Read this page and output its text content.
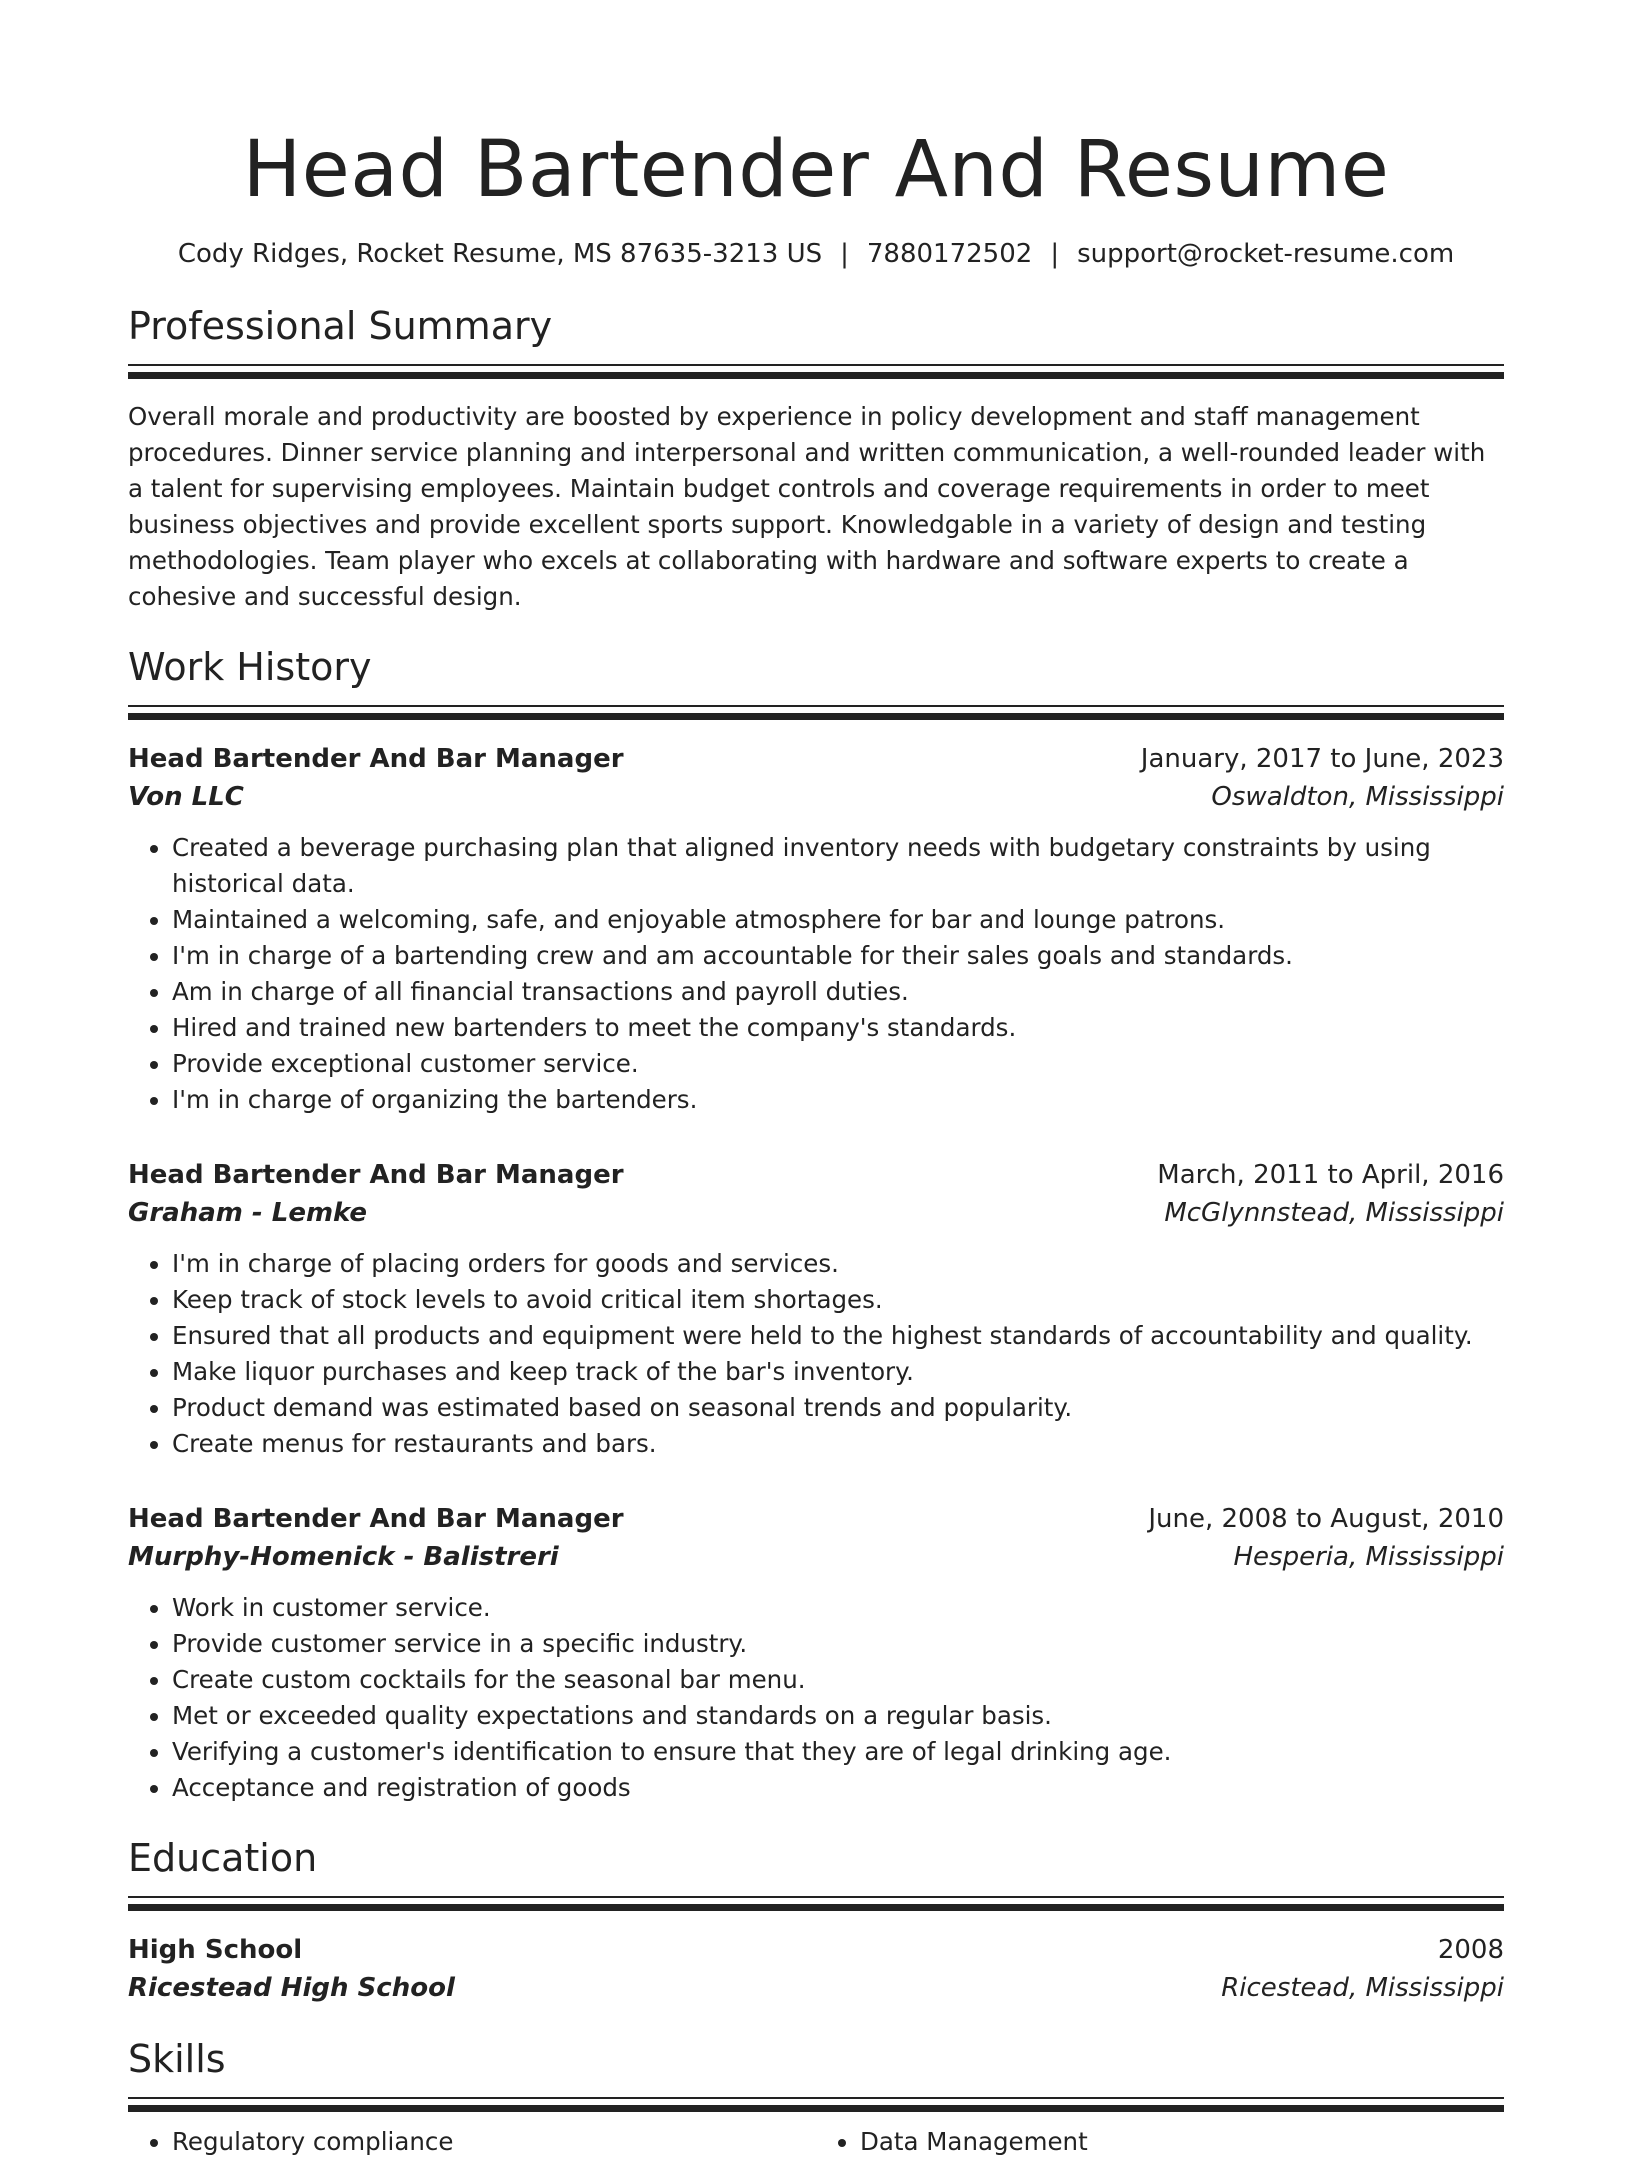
Head Bartender And Resume
Cody Ridges, Rocket Resume, MS 87635-3213 US | 7880172502 | support@rocket-resume.com
Professional Summary

Overall morale and productivity are boosted by experience in policy development and staff management procedures. Dinner service planning and interpersonal and written communication, a well-rounded leader with a talent for supervising employees. Maintain budget controls and coverage requirements in order to meet business objectives and provide excellent sports support. Knowledgable in a variety of design and testing methodologies. Team player who excels at collaborating with hardware and software experts to create a cohesive and successful design.

Work History
Head Bartender And Bar Manager	January, 2017 to June, 2023
Von LLC	Oswaldton, Mississippi
• Created a beverage purchasing plan that aligned inventory needs with budgetary constraints by using historical data.
• Maintained a welcoming, safe, and enjoyable atmosphere for bar and lounge patrons.
• I'm in charge of a bartending crew and am accountable for their sales goals and standards.
• Am in charge of all financial transactions and payroll duties.
• Hired and trained new bartenders to meet the company's standards.
• Provide exceptional customer service.
• I'm in charge of organizing the bartenders.
Head Bartender And Bar Manager	March, 2011 to April, 2016
Graham - Lemke	McGlynnstead, Mississippi
• I'm in charge of placing orders for goods and services.
• Keep track of stock levels to avoid critical item shortages.
• Ensured that all products and equipment were held to the highest standards of accountability and quality.
• Make liquor purchases and keep track of the bar's inventory.
• Product demand was estimated based on seasonal trends and popularity.
• Create menus for restaurants and bars.
Head Bartender And Bar Manager	June, 2008 to August, 2010
Murphy-Homenick - Balistreri	Hesperia, Mississippi
• Work in customer service.
• Provide customer service in a specific industry.
• Create custom cocktails for the seasonal bar menu.
• Met or exceeded quality expectations and standards on a regular basis.
• Verifying a customer's identification to ensure that they are of legal drinking age.
• Acceptance and registration of goods
Education
High School	2008
Ricestead High School	Ricestead, Mississippi
Skills
• Regulatory compliance
•	Data Management
